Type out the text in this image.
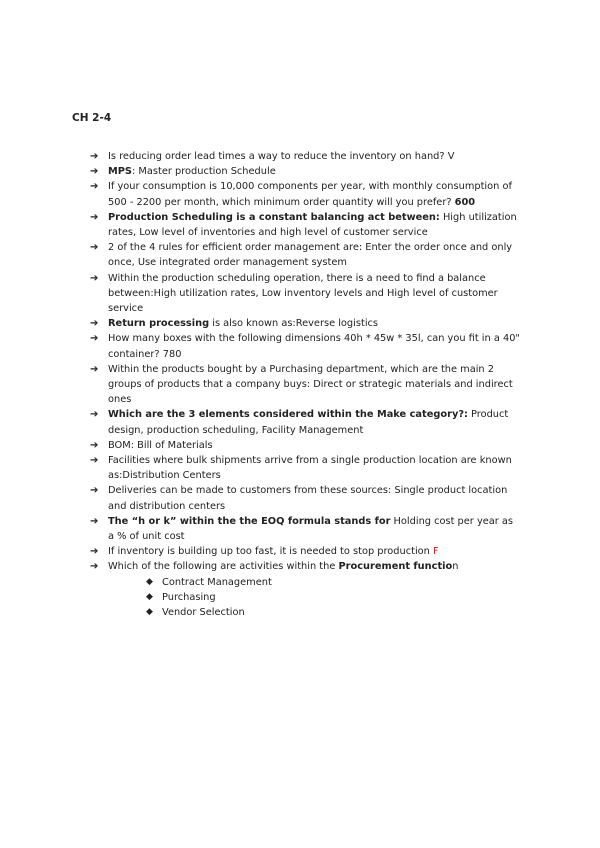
CH 2-4
➔ Is reducing order lead times a way to reduce the inventory on hand? V
➔ MPS: Master production Schedule
➔ If your consumption is 10,000 components per year, with monthly consumption of 500 - 2200 per month, which minimum order quantity will you prefer? 600
➔ Production Scheduling is a constant balancing act between: High utilization rates, Low level of inventories and high level of customer service
➔ 2 of the 4 rules for efficient order management are: Enter the order once and only once, Use integrated order management system
➔ Within the production scheduling operation, there is a need to find a balance between:High utilization rates, Low inventory levels and High level of customer service
➔ Return processing is also known as:Reverse logistics
➔ How many boxes with the following dimensions 40h * 45w * 35l, can you fit in a 40" container? 780
➔ Within the products bought by a Purchasing department, which are the main 2 groups of products that a company buys: Direct or strategic materials and indirect ones
➔ Which are the 3 elements considered within the Make category?: Product design, production scheduling, Facility Management
➔ BOM: Bill of Materials
➔ Facilities where bulk shipments arrive from a single production location are known as:Distribution Centers
➔ Deliveries can be made to customers from these sources: Single product location and distribution centers
➔ The “h or k” within the the EOQ formula stands for Holding cost per year as a % of unit cost
➔ If inventory is building up too fast, it is needed to stop production F
➔ Which of the following are activities within the Procurement function
◆ Contract Management
◆ Purchasing
◆ Vendor Selection
